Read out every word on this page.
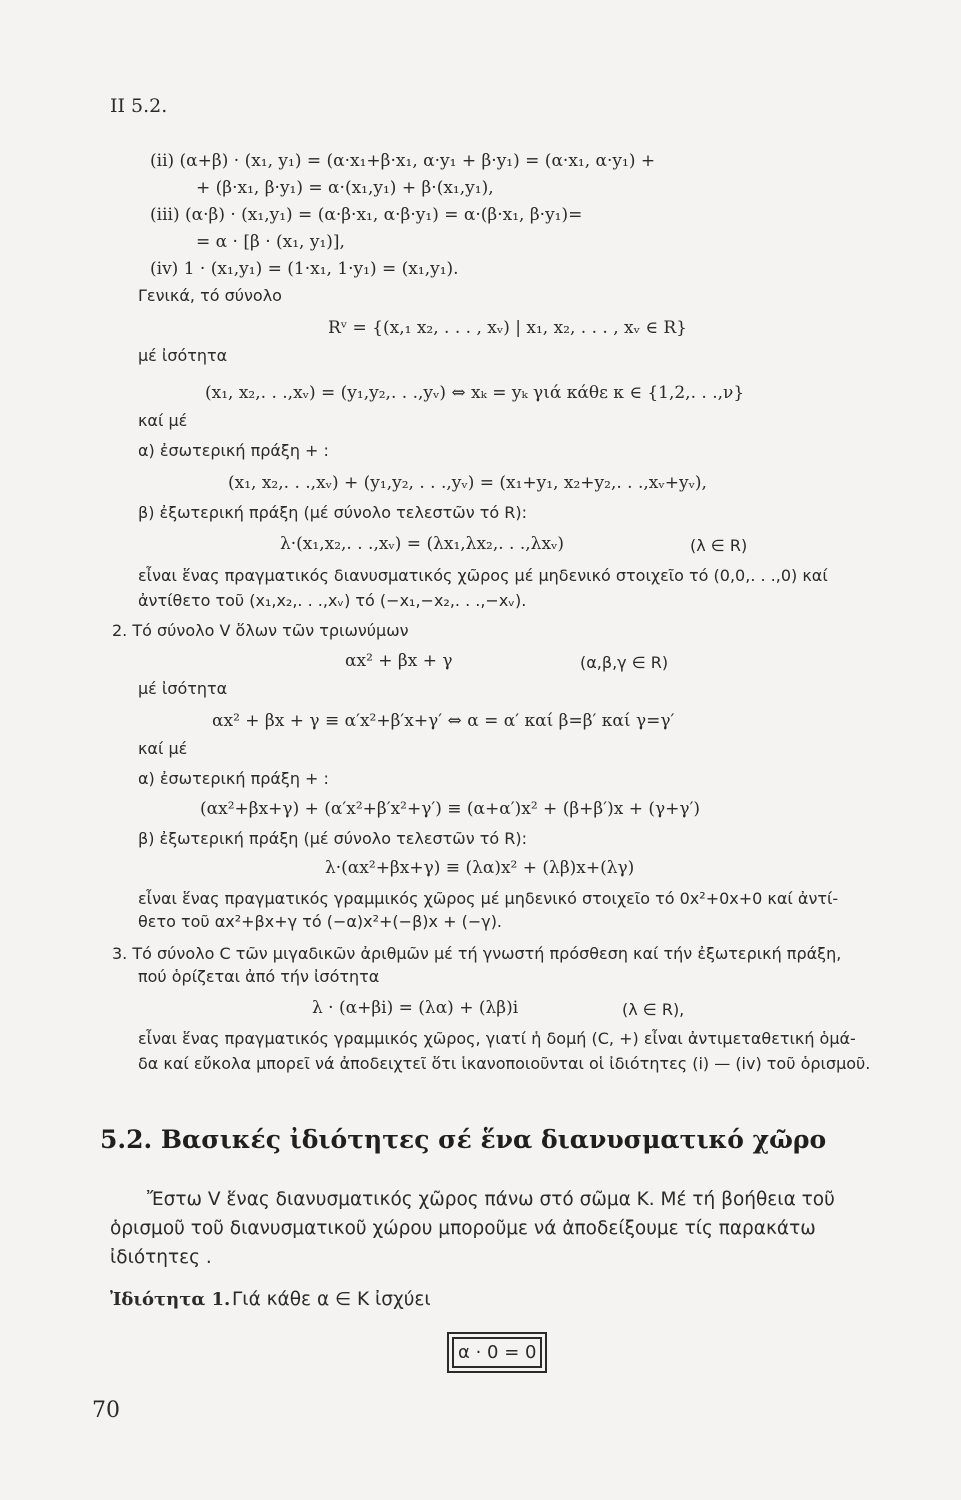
II 5.2.
(ii) (α+β) · (x₁, y₁) = (α·x₁+β·x₁, α·y₁ + β·y₁) = (α·x₁, α·y₁) +
+ (β·x₁, β·y₁) = α·(x₁,y₁) + β·(x₁,y₁),
(iii) (α·β) · (x₁,y₁) = (α·β·x₁, α·β·y₁) = α·(β·x₁, β·y₁)=
= α · [β · (x₁, y₁)],
(iv) 1 · (x₁,y₁) = (1·x₁, 1·y₁) = (x₁,y₁).
Γενικά, τό σύνολο
Rᵛ = {(x,₁ x₂, . . . , xᵥ) | x₁, x₂, . . . , xᵥ ∈ R}
μέ ἰσότητα
(x₁, x₂,. . .,xᵥ) = (y₁,y₂,. . .,yᵥ) ⇔ xₖ = yₖ γιά κάθε κ ∈ {1,2,. . .,ν}
καί μέ
α) ἐσωτερική πράξη + :
(x₁, x₂,. . .,xᵥ) + (y₁,y₂, . . .,yᵥ) = (x₁+y₁, x₂+y₂,. . .,xᵥ+yᵥ),
β) ἐξωτερική πράξη (μέ σύνολο τελεστῶν τό R):
λ·(x₁,x₂,. . .,xᵥ) = (λx₁,λx₂,. . .,λxᵥ)	(λ ∈ R)
εἶναι ἕνας πραγματικός διανυσματικός χῶρος μέ μηδενικό στοιχεῖο τό (0,0,. . .,0) καί
ἀντίθετο τοῦ (x₁,x₂,. . .,xᵥ) τό (−x₁,−x₂,. . .,−xᵥ).
2. Τό σύνολο V ὅλων τῶν τριωνύμων
αx² + βx + γ	(α,β,γ ∈ R)
μέ ἰσότητα
αx² + βx + γ ≡ α′x²+β′x+γ′ ⇔ α = α′ καί β=β′ καί γ=γ′
καί μέ
α) ἐσωτερική πράξη + :
(αx²+βx+γ) + (α′x²+β′x²+γ′) ≡ (α+α′)x² + (β+β′)x + (γ+γ′)
β) ἐξωτερική πράξη (μέ σύνολο τελεστῶν τό R):
λ·(αx²+βx+γ) ≡ (λα)x² + (λβ)x+(λγ)
εἶναι ἕνας πραγματικός γραμμικός χῶρος μέ μηδενικό στοιχεῖο τό 0x²+0x+0 καί ἀντί-
θετο τοῦ αx²+βx+γ τό (−α)x²+(−β)x + (−γ).
3. Τό σύνολο C τῶν μιγαδικῶν ἀριθμῶν μέ τή γνωστή πρόσθεση καί τήν ἐξωτερική πράξη,
πού ὁρίζεται ἀπό τήν ἰσότητα
λ · (α+βi) = (λα) + (λβ)i	(λ ∈ R),
εἶναι ἕνας πραγματικός γραμμικός χῶρος, γιατί ἡ δομή (C, +) εἶναι ἀντιμεταθετική ὁμά-
δα καί εὔκολα μπορεῖ νά ἀποδειχτεῖ ὅτι ἱκανοποιοῦνται οἱ ἰδιότητες (i) — (iv) τοῦ ὁρισμοῦ.
5.2. Βασικές ἰδιότητες σέ ἕνα διανυσματικό χῶρο
Ἔστω V ἕνας διανυσματικός χῶρος πάνω στό σῶμα K. Μέ τή βοήθεια τοῦ
ὁρισμοῦ τοῦ διανυσματικοῦ χώρου μποροῦμε νά ἀποδείξουμε τίς παρακάτω
ἰδιότητες .
Ἰδιότητα 1. Γιά κάθε α ∈ K ἰσχύει
α · 0 = 0
70
